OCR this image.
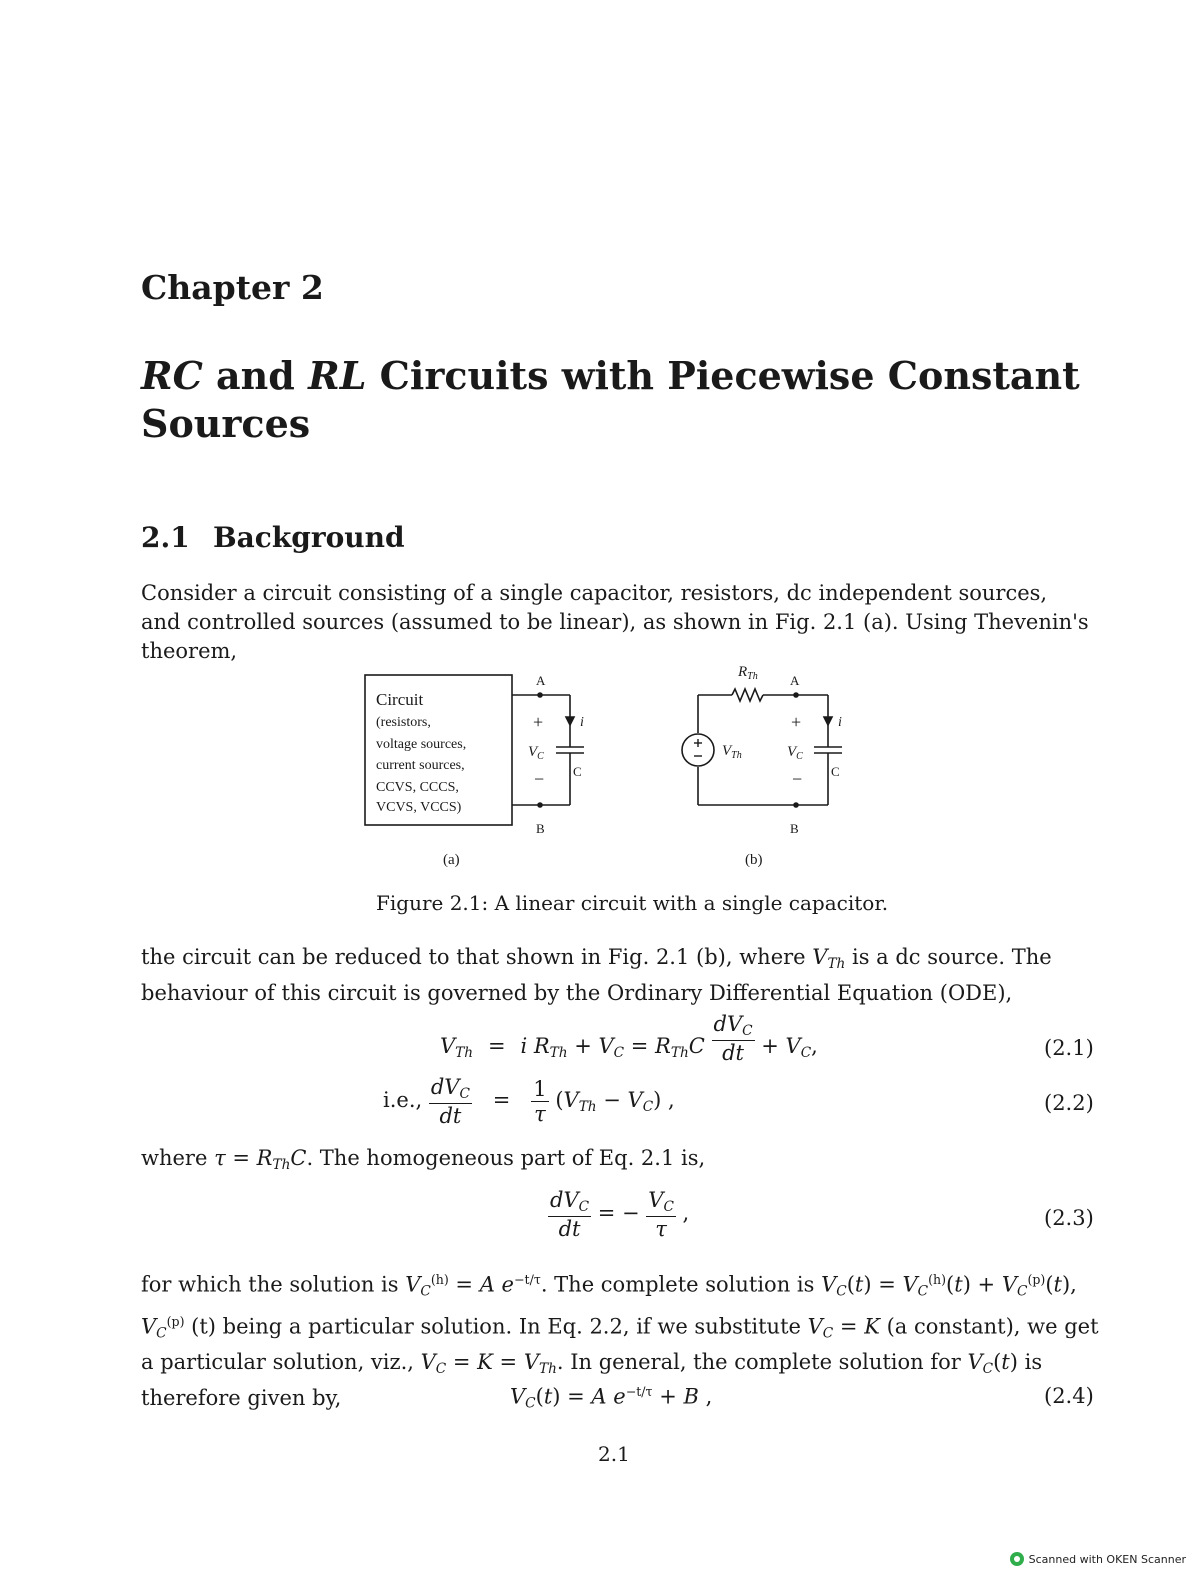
Chapter 2
RC and RL Circuits with Piecewise Constant Sources
2.1 Background
Consider a circuit consisting of a single capacitor, resistors, dc independent sources, and controlled sources (assumed to be linear), as shown in Fig. 2.1 (a). Using Thevenin's theorem,
Circuit
(resistors,
voltage sources,
current sources,
CCVS, CCCS,
VCVS, VCCS)
A
B
+
−
i
$V_C$
C
(a)
$R_{Th}$ A
B
$V_{Th}$
+
−
i
$V_C$
C
(b)
Figure 2.1: A linear circuit with a single capacitor.
the circuit can be reduced to that shown in Fig. 2.1 (b), where $V_{Th}$ is a dc source. The behaviour of this circuit is governed by the Ordinary Differential Equation (ODE),
$V_{Th} = i$ $R_{Th} + V_C = R_{Th}C \frac{dV_C}{dt} + V_C$,	(2.1)
i.e., $\frac{dV_C}{dt} = \frac{1}{\tau} (V_{Th} - V_C)$ ,	(2.2)
where $\tau = R_{Th}C$. The homogeneous part of Eq. 2.1 is,
$\frac{dV_C}{dt}$ = − $\frac{V_C}{\tau}$ ,	(2.3)
for which the solution is $V_C^{(h)} = A$ $e^{-t/\tau}$. The complete solution is $V_C(t) = V_C^{(h)}(t) + V_C^{(p)}(t)$, $V_C^{(p)}$ (t) being a particular solution. In Eq. 2.2, if we substitute $V_C = K$ (a constant), we get a particular solution, viz., $V_C = K = V_{Th}$. In general, the complete solution for $V_C(t)$ is therefore given by,	$V_C(t) = A$ $e^{-t/\tau} + B$ ,	(2.4)
2.1
Scanned with OKEN Scanner
